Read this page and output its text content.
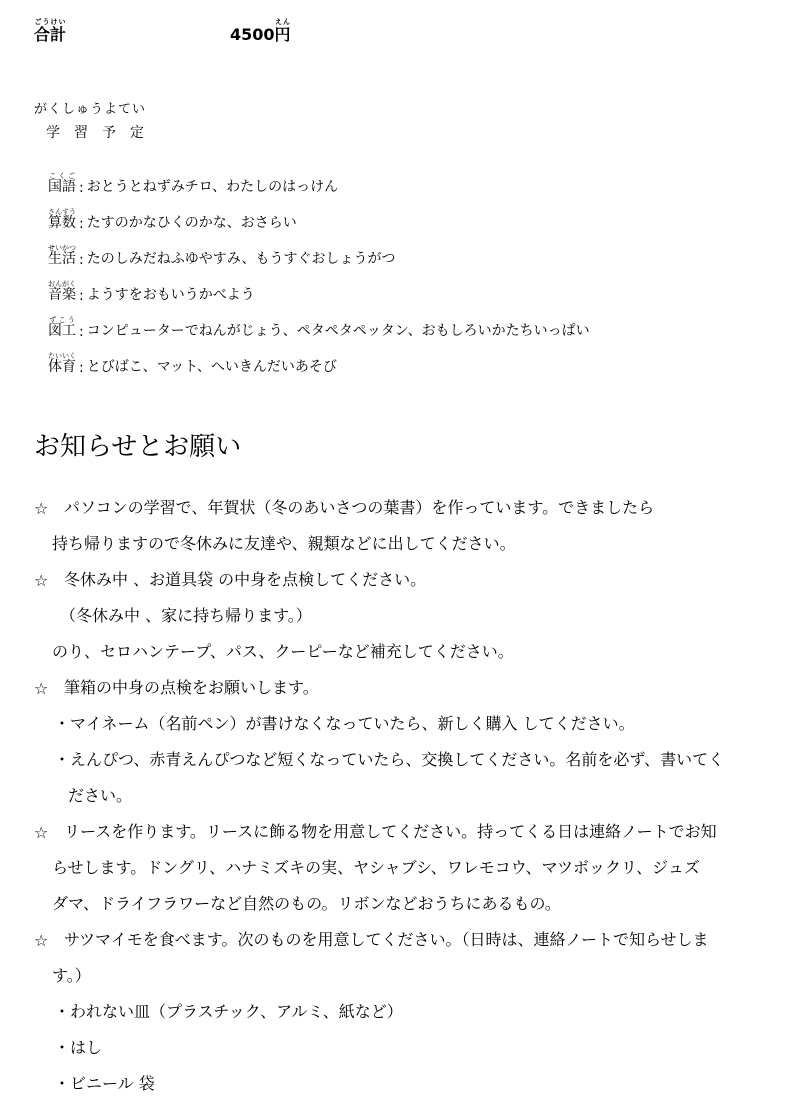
合計ごうけい
4500円えん
がくしゅうよてい
学習予定
国語こくご
: おとうとねずみチロ、わたしのはっけん
算数さんすう
: たすのかなひくのかな、おさらい
生活せいかつ
: たのしみだねふゆやすみ、もうすぐおしょうがつ
音楽おんがく
: ようすをおもいうかべよう
図工ずこう
: コンピューターでねんがじょう、ペタペタペッタン、おもしろいかたちいっぱい
体育たいいく
: とびばこ、マット、へいきんだいあそび
お知らせとお願い
☆ パソコンの学習で、年賀状（冬のあいさつの葉書）を作っています。できましたら
持ち帰りますので冬休みに友達や、親類などに出してください。
☆ 冬休み中 、お道具袋 の中身を点検してください。
（冬休み中 、家に持ち帰ります。）
のり、セロハンテープ、パス、クーピーなど補充してください。
☆ 筆箱の中身の点検をお願いします。
・マイネーム（名前ペン）が書けなくなっていたら、新しく購入 してください。
・えんぴつ、赤青えんぴつなど短くなっていたら、交換してください。名前を必ず、書いてく
ださい。
☆ リースを作ります。リースに飾る物を用意してください。持ってくる日は連絡ノートでお知
らせします。ドングリ、ハナミズキの実、ヤシャブシ、ワレモコウ、マツボックリ、ジュズ
ダマ、ドライフラワーなど自然のもの。リボンなどおうちにあるもの。
☆ サツマイモを食べます。次のものを用意してください。（日時は、連絡ノートで知らせしま
す。）
・われない皿（プラスチック、アルミ、紙など）
・はし
・ビニール 袋
